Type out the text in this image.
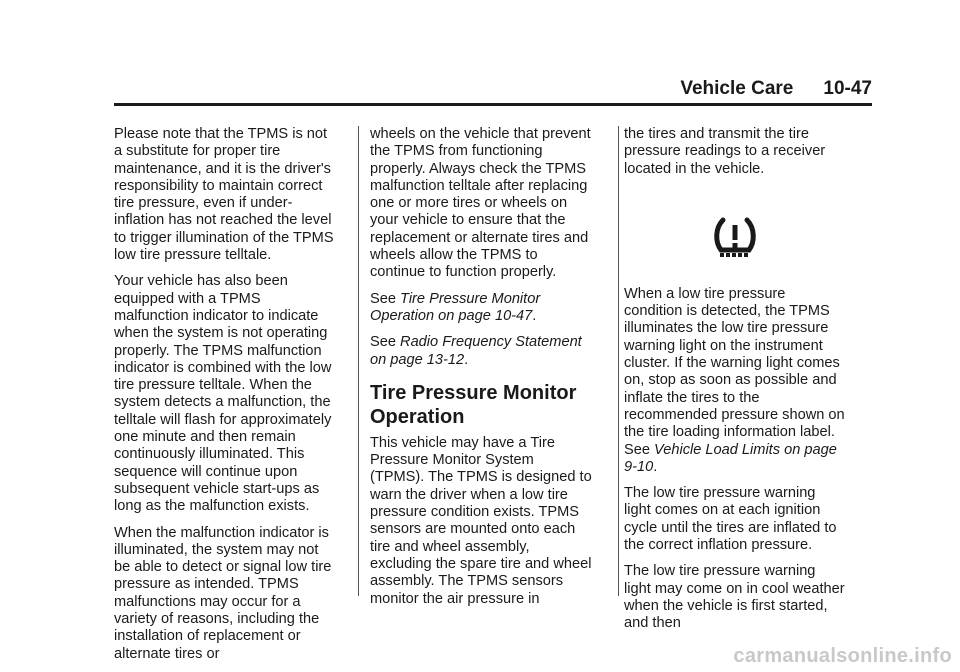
Vehicle Care 10-47

Please note that the TPMS is not a substitute for proper tire maintenance, and it is the driver's responsibility to maintain correct tire pressure, even if under-inflation has not reached the level to trigger illumination of the TPMS low tire pressure telltale.

Your vehicle has also been equipped with a TPMS malfunction indicator to indicate when the system is not operating properly. The TPMS malfunction indicator is combined with the low tire pressure telltale. When the system detects a malfunction, the telltale will flash for approximately one minute and then remain continuously illuminated. This sequence will continue upon subsequent vehicle start-ups as long as the malfunction exists.

When the malfunction indicator is illuminated, the system may not be able to detect or signal low tire pressure as intended. TPMS malfunctions may occur for a variety of reasons, including the installation of replacement or alternate tires or

wheels on the vehicle that prevent the TPMS from functioning properly. Always check the TPMS malfunction telltale after replacing one or more tires or wheels on your vehicle to ensure that the replacement or alternate tires and wheels allow the TPMS to continue to function properly.

See Tire Pressure Monitor Operation on page 10-47.

See Radio Frequency Statement on page 13-12.

Tire Pressure Monitor Operation

This vehicle may have a Tire Pressure Monitor System (TPMS). The TPMS is designed to warn the driver when a low tire pressure condition exists. TPMS sensors are mounted onto each tire and wheel assembly, excluding the spare tire and wheel assembly. The TPMS sensors monitor the air pressure in

the tires and transmit the tire pressure readings to a receiver located in the vehicle.

When a low tire pressure condition is detected, the TPMS illuminates the low tire pressure warning light on the instrument cluster. If the warning light comes on, stop as soon as possible and inflate the tires to the recommended pressure shown on the tire loading information label. See Vehicle Load Limits on page 9-10.

The low tire pressure warning light comes on at each ignition cycle until the tires are inflated to the correct inflation pressure.

The low tire pressure warning light may come on in cool weather when the vehicle is first started, and then

carmanualsonline.info
